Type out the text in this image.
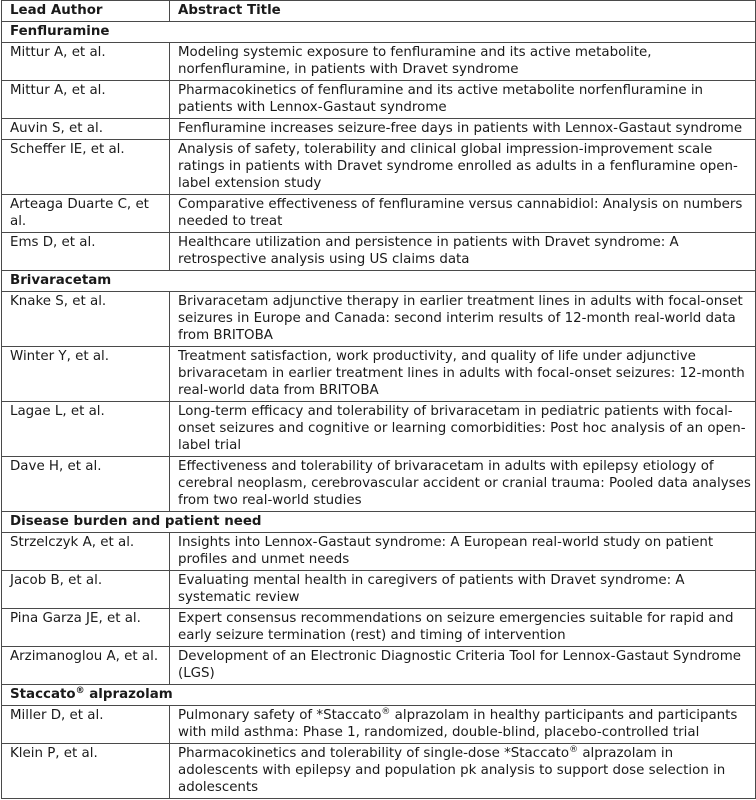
Lead Author	Abstract Title
Fenfluramine	
Mittur A, et al.	Modeling systemic exposure to fenfluramine and its active metabolite, norfenfluramine, in patients with Dravet syndrome
Mittur A, et al.	Pharmacokinetics of fenfluramine and its active metabolite norfenfluramine in patients with Lennox-Gastaut syndrome
Auvin S, et al.	Fenfluramine increases seizure-free days in patients with Lennox-Gastaut syndrome
Scheffer IE, et al.	Analysis of safety, tolerability and clinical global impression-improvement scale ratings in patients with Dravet syndrome enrolled as adults in a fenfluramine open-label extension study
Arteaga Duarte C, et al.	Comparative effectiveness of fenfluramine versus cannabidiol: Analysis on numbers needed to treat
Ems D, et al.	Healthcare utilization and persistence in patients with Dravet syndrome: A retrospective analysis using US claims data
Brivaracetam	
Knake S, et al.	Brivaracetam adjunctive therapy in earlier treatment lines in adults with focal-onset seizures in Europe and Canada: second interim results of 12-month real-world data from BRITOBA
Winter Y, et al.	Treatment satisfaction, work productivity, and quality of life under adjunctive brivaracetam in earlier treatment lines in adults with focal-onset seizures: 12-month real-world data from BRITOBA
Lagae L, et al.	Long-term efficacy and tolerability of brivaracetam in pediatric patients with focal-onset seizures and cognitive or learning comorbidities: Post hoc analysis of an open-label trial
Dave H, et al.	Effectiveness and tolerability of brivaracetam in adults with epilepsy etiology of cerebral neoplasm, cerebrovascular accident or cranial trauma: Pooled data analyses from two real-world studies
Disease burden and patient need	
Strzelczyk A, et al.	Insights into Lennox-Gastaut syndrome: A European real-world study on patient profiles and unmet needs
Jacob B, et al.	Evaluating mental health in caregivers of patients with Dravet syndrome: A systematic review
Pina Garza JE, et al.	Expert consensus recommendations on seizure emergencies suitable for rapid and early seizure termination (rest) and timing of intervention
Arzimanoglou A, et al.	Development of an Electronic Diagnostic Criteria Tool for Lennox-Gastaut Syndrome (LGS)
Staccato® alprazolam	
Miller D, et al.	Pulmonary safety of *Staccato® alprazolam in healthy participants and participants with mild asthma: Phase 1, randomized, double-blind, placebo-controlled trial
Klein P, et al.	Pharmacokinetics and tolerability of single-dose *Staccato® alprazolam in adolescents with epilepsy and population pk analysis to support dose selection in adolescents
